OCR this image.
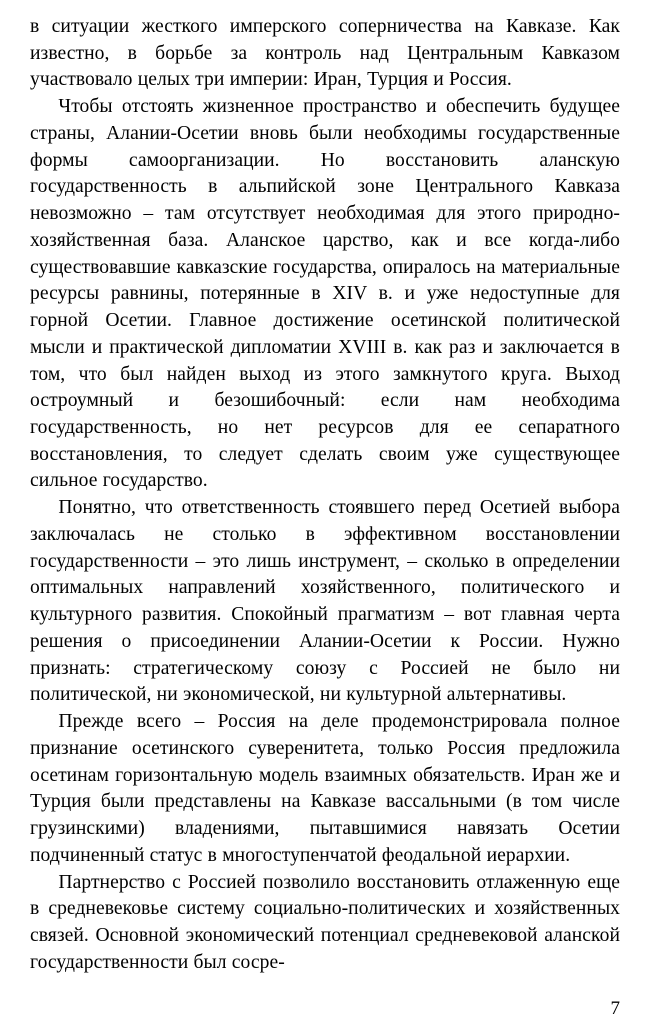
в ситуации жесткого имперского соперничества на Кавказе. Как известно, в борьбе за контроль над Центральным Кавказом участвовало целых три империи: Иран, Турция и Россия.

Чтобы отстоять жизненное пространство и обеспечить будущее страны, Алании-Осетии вновь были необходимы государственные формы самоорганизации. Но восстановить аланскую государственность в альпийской зоне Центрального Кавказа невозможно – там отсутствует необходимая для этого природно-хозяйственная база. Аланское царство, как и все когда-либо существовавшие кавказские государства, опиралось на материальные ресурсы равнины, потерянные в XIV в. и уже недоступные для горной Осетии. Главное достижение осетинской политической мысли и практической дипломатии XVIII в. как раз и заключается в том, что был найден выход из этого замкнутого круга. Выход остроумный и безошибочный: если нам необходима государственность, но нет ресурсов для ее сепаратного восстановления, то следует сделать своим уже существующее сильное государство.

Понятно, что ответственность стоявшего перед Осетией выбора заключалась не столько в эффективном восстановлении государственности – это лишь инструмент, – сколько в определении оптимальных направлений хозяйственного, политического и культурного развития. Спокойный прагматизм – вот главная черта решения о присоединении Алании-Осетии к России. Нужно признать: стратегическому союзу с Россией не было ни политической, ни экономической, ни культурной альтернативы.

Прежде всего – Россия на деле продемонстрировала полное признание осетинского суверенитета, только Россия предложила осетинам горизонтальную модель взаимных обязательств. Иран же и Турция были представлены на Кавказе вассальными (в том числе грузинскими) владениями, пытавшимися навязать Осетии подчиненный статус в многоступенчатой феодальной иерархии.

Партнерство с Россией позволило восстановить отлаженную еще в средневековье систему социально-политических и хозяйственных связей. Основной экономический потенциал средневековой аланской государственности был сосре-

7
